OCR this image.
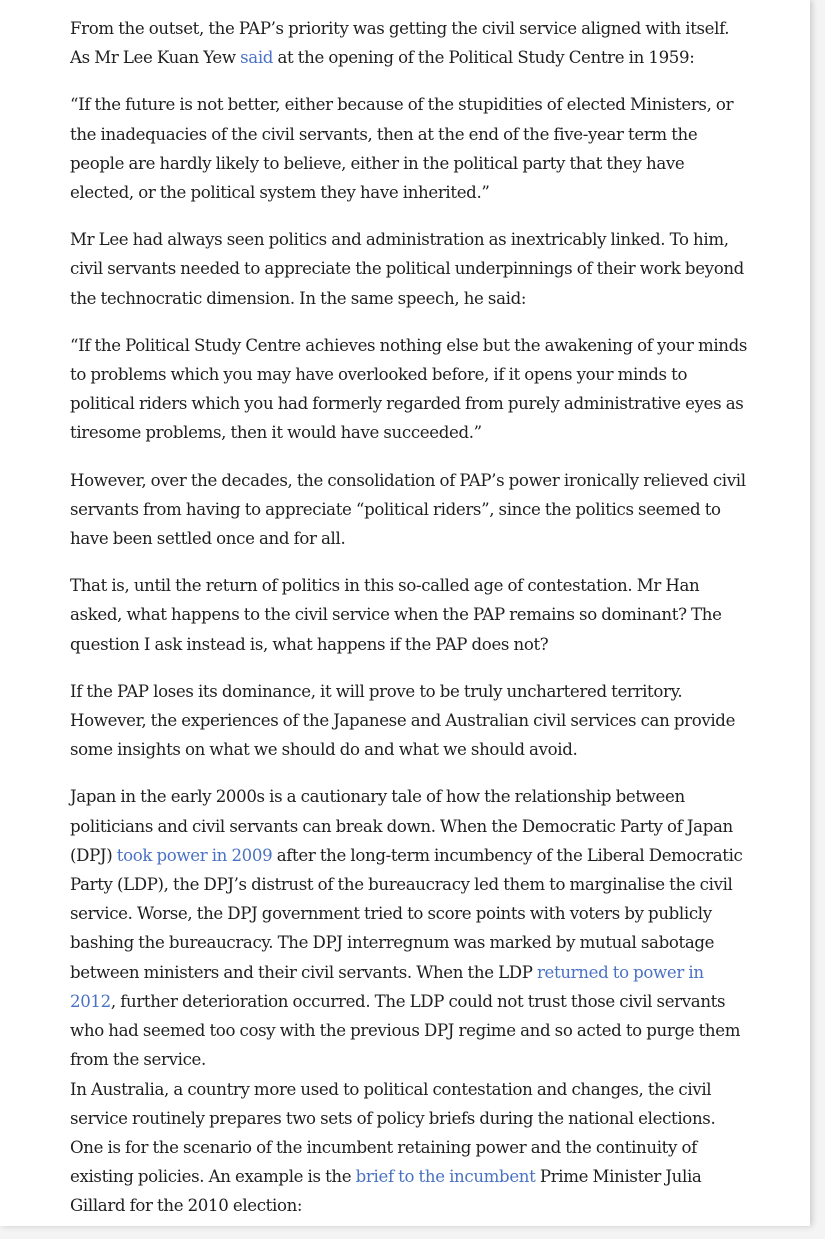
From the outset, the PAP’s priority was getting the civil service aligned with itself. As Mr Lee Kuan Yew said at the opening of the Political Study Centre in 1959:

“If the future is not better, either because of the stupidities of elected Ministers, or the inadequacies of the civil servants, then at the end of the five-year term the people are hardly likely to believe, either in the political party that they have elected, or the political system they have inherited.”

Mr Lee had always seen politics and administration as inextricably linked. To him, civil servants needed to appreciate the political underpinnings of their work beyond the technocratic dimension. In the same speech, he said:

“If the Political Study Centre achieves nothing else but the awakening of your minds to problems which you may have overlooked before, if it opens your minds to political riders which you had formerly regarded from purely administrative eyes as tiresome problems, then it would have succeeded.”

However, over the decades, the consolidation of PAP’s power ironically relieved civil servants from having to appreciate “political riders”, since the politics seemed to have been settled once and for all.

That is, until the return of politics in this so-called age of contestation. Mr Han asked, what happens to the civil service when the PAP remains so dominant? The question I ask instead is, what happens if the PAP does not?

If the PAP loses its dominance, it will prove to be truly unchartered territory. However, the experiences of the Japanese and Australian civil services can provide some insights on what we should do and what we should avoid.

Japan in the early 2000s is a cautionary tale of how the relationship between politicians and civil servants can break down. When the Democratic Party of Japan (DPJ) took power in 2009 after the long-term incumbency of the Liberal Democratic Party (LDP), the DPJ’s distrust of the bureaucracy led them to marginalise the civil service. Worse, the DPJ government tried to score points with voters by publicly bashing the bureaucracy. The DPJ interregnum was marked by mutual sabotage between ministers and their civil servants. When the LDP returned to power in 2012, further deterioration occurred. The LDP could not trust those civil servants who had seemed too cosy with the previous DPJ regime and so acted to purge them from the service.

In Australia, a country more used to political contestation and changes, the civil service routinely prepares two sets of policy briefs during the national elections. One is for the scenario of the incumbent retaining power and the continuity of existing policies. An example is the brief to the incumbent Prime Minister Julia Gillard for the 2010 election:
